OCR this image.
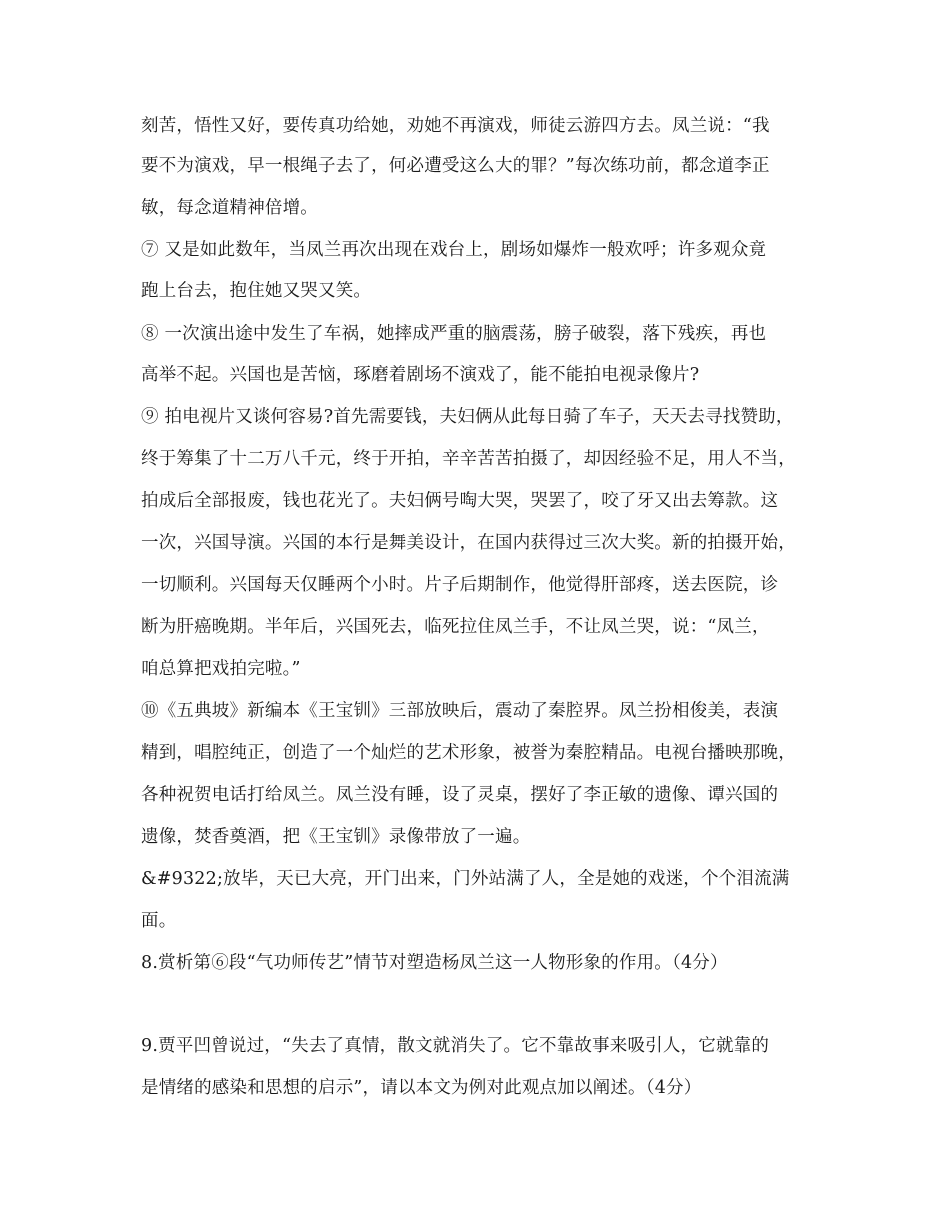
刻苦，悟性又好，要传真功给她，劝她不再演戏，师徒云游四方去。凤兰说：“我
要不为演戏，早一根绳子去了，何必遭受这么大的罪？”每次练功前，都念道李正
敏，每念道精神倍增。
⑦ 又是如此数年，当凤兰再次出现在戏台上，剧场如爆炸一般欢呼；许多观众竟
跑上台去，抱住她又哭又笑。
⑧ 一次演出途中发生了车祸，她摔成严重的脑震荡，膀子破裂，落下残疾，再也
高举不起。兴国也是苦恼，琢磨着剧场不演戏了，能不能拍电视录像片?
⑨ 拍电视片又谈何容易?首先需要钱，夫妇俩从此每日骑了车子，天天去寻找赞助，
终于筹集了十二万八千元，终于开拍，辛辛苦苦拍摄了，却因经验不足，用人不当，
拍成后全部报废，钱也花光了。夫妇俩号啕大哭，哭罢了，咬了牙又出去筹款。这
一次，兴国导演。兴国的本行是舞美设计，在国内获得过三次大奖。新的拍摄开始，
一切顺利。兴国每天仅睡两个小时。片子后期制作，他觉得肝部疼，送去医院，诊
断为肝癌晚期。半年后，兴国死去，临死拉住凤兰手，不让凤兰哭，说：“凤兰，
咱总算把戏拍完啦。”
⑩《五典坡》新编本《王宝钏》三部放映后，震动了秦腔界。凤兰扮相俊美，表演
精到，唱腔纯正，创造了一个灿烂的艺术形象，被誉为秦腔精品。电视台播映那晚，
各种祝贺电话打给凤兰。凤兰没有睡，设了灵桌，摆好了李正敏的遗像、谭兴国的
遗像，焚香奠酒，把《王宝钏》录像带放了一遍。
&#9322;放毕，天已大亮，开门出来，门外站满了人，全是她的戏迷，个个泪流满
面。
8.赏析第⑥段“气功师传艺”情节对塑造杨凤兰这一人物形象的作用。（4分）
9.贾平凹曾说过，“失去了真情，散文就消失了。它不靠故事来吸引人，它就靠的
是情绪的感染和思想的启示”，请以本文为例对此观点加以阐述。（4分）
